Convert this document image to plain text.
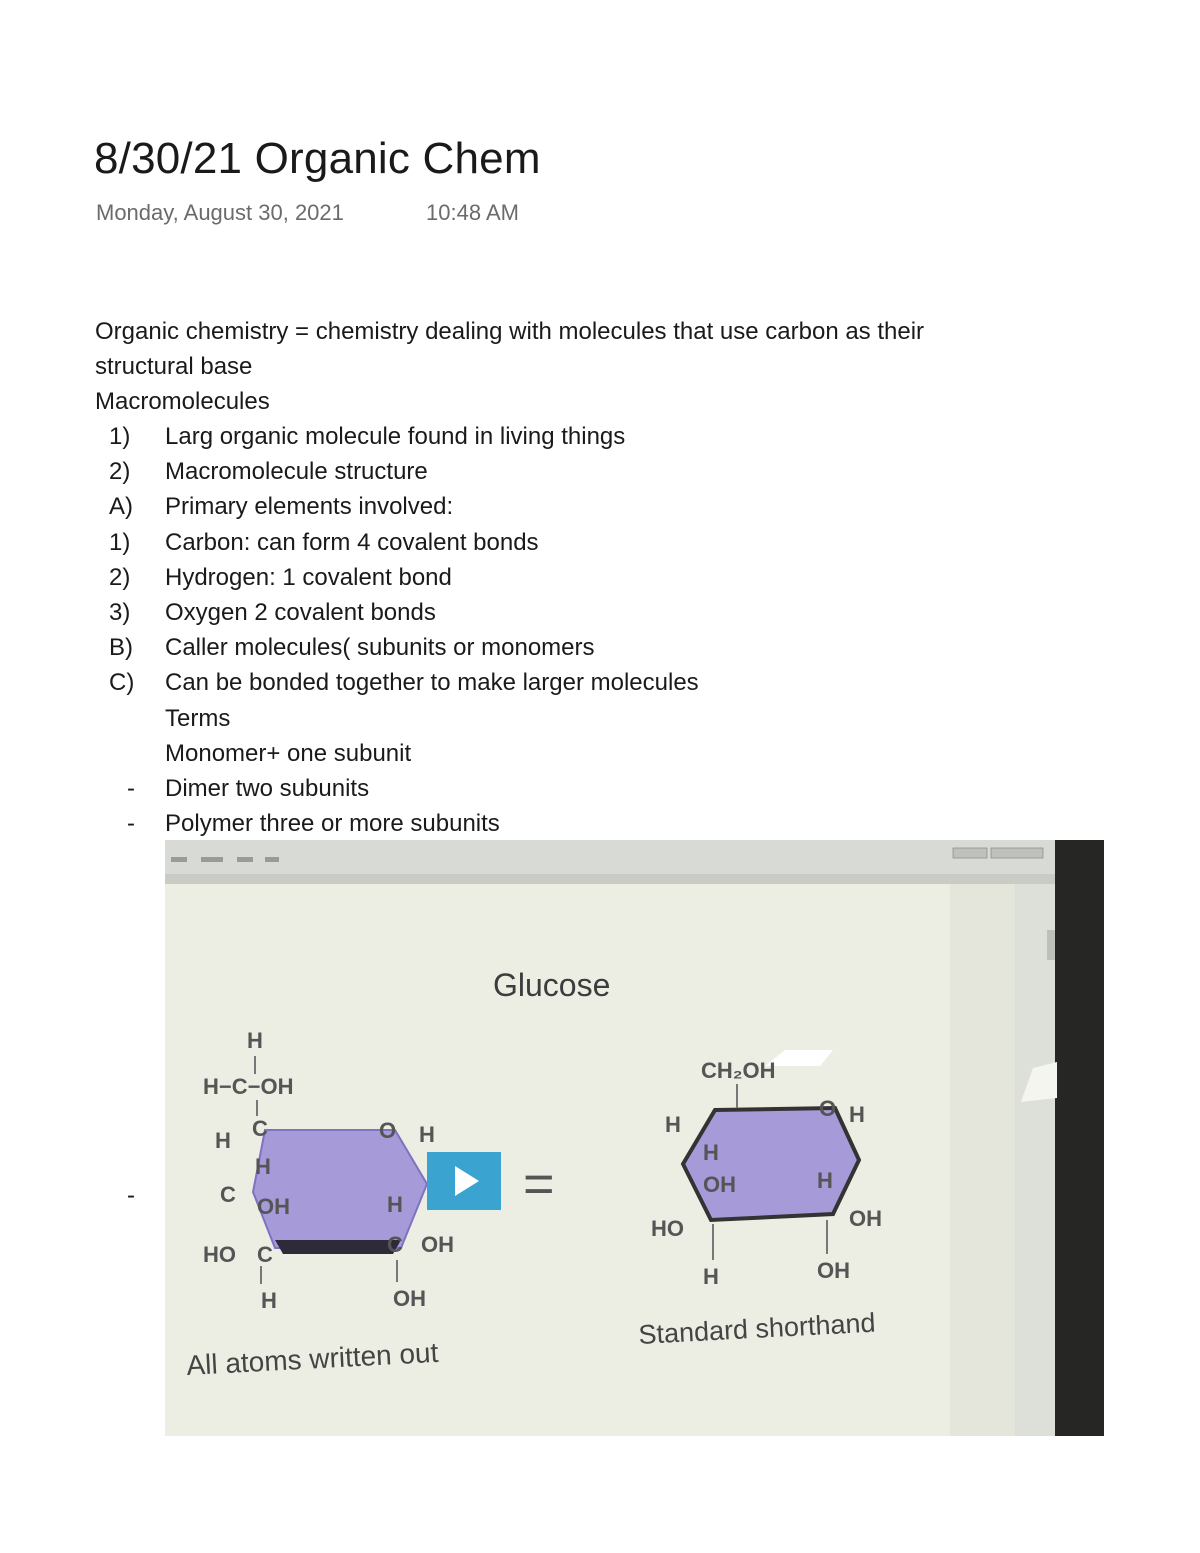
8/30/21 Organic Chem
Monday, August 30, 2021	10:48 AM

Organic chemistry = chemistry dealing with molecules that use carbon as their

structural base

Macromolecules

1)	Larg organic molecule found in living things
2)	Macromolecule structure
A)	Primary elements involved:
1)	Carbon: can form 4 covalent bonds
2)	Hydrogen: 1 covalent bond
3)	Oxygen 2 covalent bonds
B)	Caller molecules( subunits or monomers
C)	Can be bonded together to make larger molecules
Terms
Monomer+ one subunit
-	Dimer two subunits
-	Polymer three or more subunits
-
Glucose
H
H−C−OH
C
H
H
C OH
HO C
H
O H
H
C OH
OH
All atoms written out
=
CH₂OH
H
H
OH
HO
H
O H
H
OH
OH
Standard shorthand
